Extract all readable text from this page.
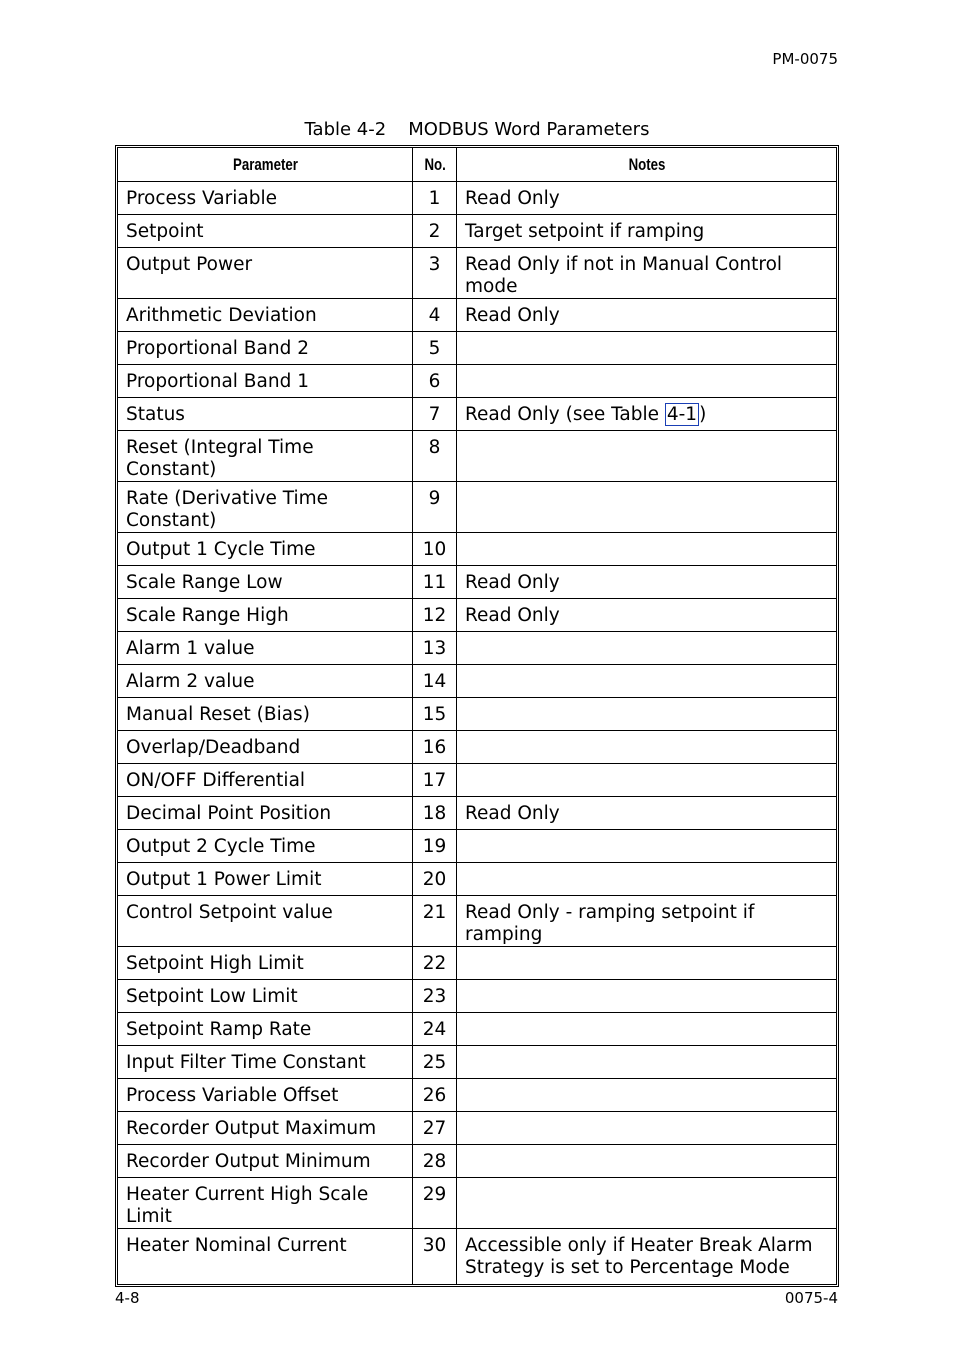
PM-0075
Table 4-2 MODBUS Word Parameters
Parameter	No.	Notes
Process Variable	1	Read Only
Setpoint	2	Target setpoint if ramping
Output Power	3	Read Only if not in Manual Control mode
Arithmetic Deviation	4	Read Only
Proportional Band 2	5	
Proportional Band 1	6	
Status	7	Read Only (see Table 4-1 )
Reset (Integral Time Constant)	8	
Rate (Derivative Time Constant)	9	
Output 1 Cycle Time	10	
Scale Range Low	11	Read Only
Scale Range High	12	Read Only
Alarm 1 value	13	
Alarm 2 value	14	
Manual Reset (Bias)	15	
Overlap/Deadband	16	
ON/OFF Differential	17	
Decimal Point Position	18	Read Only
Output 2 Cycle Time	19	
Output 1 Power Limit	20	
Control Setpoint value	21	Read Only - ramping setpoint if ramping
Setpoint High Limit	22	
Setpoint Low Limit	23	
Setpoint Ramp Rate	24	
Input Filter Time Constant	25	
Process Variable Offset	26	
Recorder Output Maximum	27	
Recorder Output Minimum	28	
Heater Current High Scale Limit	29	
Heater Nominal Current	30	Accessible only if Heater Break Alarm
Strategy is set to Percentage Mode
4-8	0075-4
